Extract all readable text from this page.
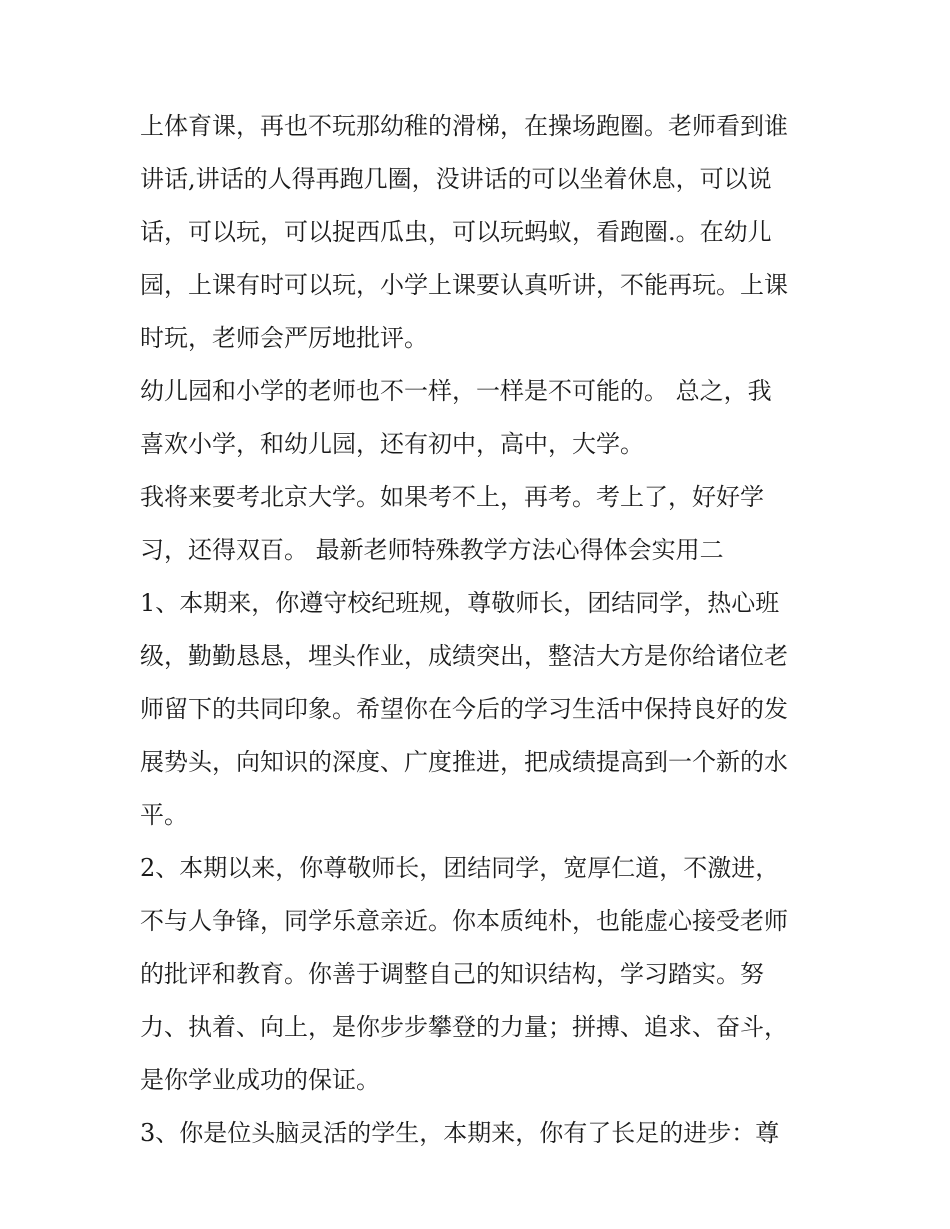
上体育课，再也不玩那幼稚的滑梯，在操场跑圈。老师看到谁
讲话,讲话的人得再跑几圈，没讲话的可以坐着休息，可以说
话，可以玩，可以捉西瓜虫，可以玩蚂蚁，看跑圈.。在幼儿
园，上课有时可以玩，小学上课要认真听讲，不能再玩。上课
时玩，老师会严厉地批评。
幼儿园和小学的老师也不一样，一样是不可能的。 总之，我
喜欢小学，和幼儿园，还有初中，高中，大学。
我将来要考北京大学。如果考不上，再考。考上了，好好学
习，还得双百。 最新老师特殊教学方法心得体会实用二
1、本期来，你遵守校纪班规，尊敬师长，团结同学，热心班
级，勤勤恳恳，埋头作业，成绩突出，整洁大方是你给诸位老
师留下的共同印象。希望你在今后的学习生活中保持良好的发
展势头，向知识的深度、广度推进，把成绩提高到一个新的水
平。
2、本期以来，你尊敬师长，团结同学，宽厚仁道，不激进，
不与人争锋，同学乐意亲近。你本质纯朴，也能虚心接受老师
的批评和教育。你善于调整自己的知识结构，学习踏实。努
力、执着、向上，是你步步攀登的力量；拼搏、追求、奋斗，
是你学业成功的保证。
3、你是位头脑灵活的学生，本期来，你有了长足的进步：尊
